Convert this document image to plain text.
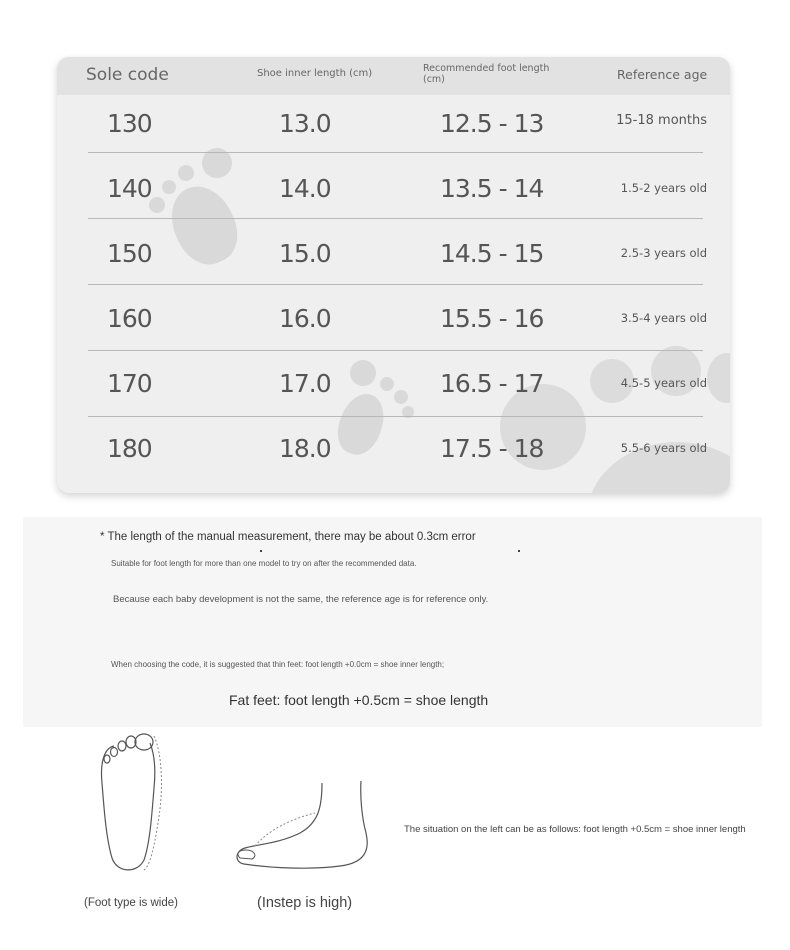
Sole code	Shoe inner length (cm)	Recommended foot length (cm)	Reference age
130	13.0	12.5 - 13	15-18 months
140	14.0	13.5 - 14	1.5-2 years old
150	15.0	14.5 - 15	2.5-3 years old
160	16.0	15.5 - 16	3.5-4 years old
170	17.0	16.5 - 17	4.5-5 years old
180	18.0	17.5 - 18	5.5-6 years old
* The length of the manual measurement, there may be about 0.3cm error
Suitable for foot length for more than one model to try on after the recommended data.
Because each baby development is not the same, the reference age is for reference only.
When choosing the code, it is suggested that thin feet: foot length +0.0cm = shoe inner length;
Fat feet: foot length +0.5cm = shoe length
(Foot type is wide)	(Instep is high)
The situation on the left can be as follows: foot length +0.5cm = shoe inner length
